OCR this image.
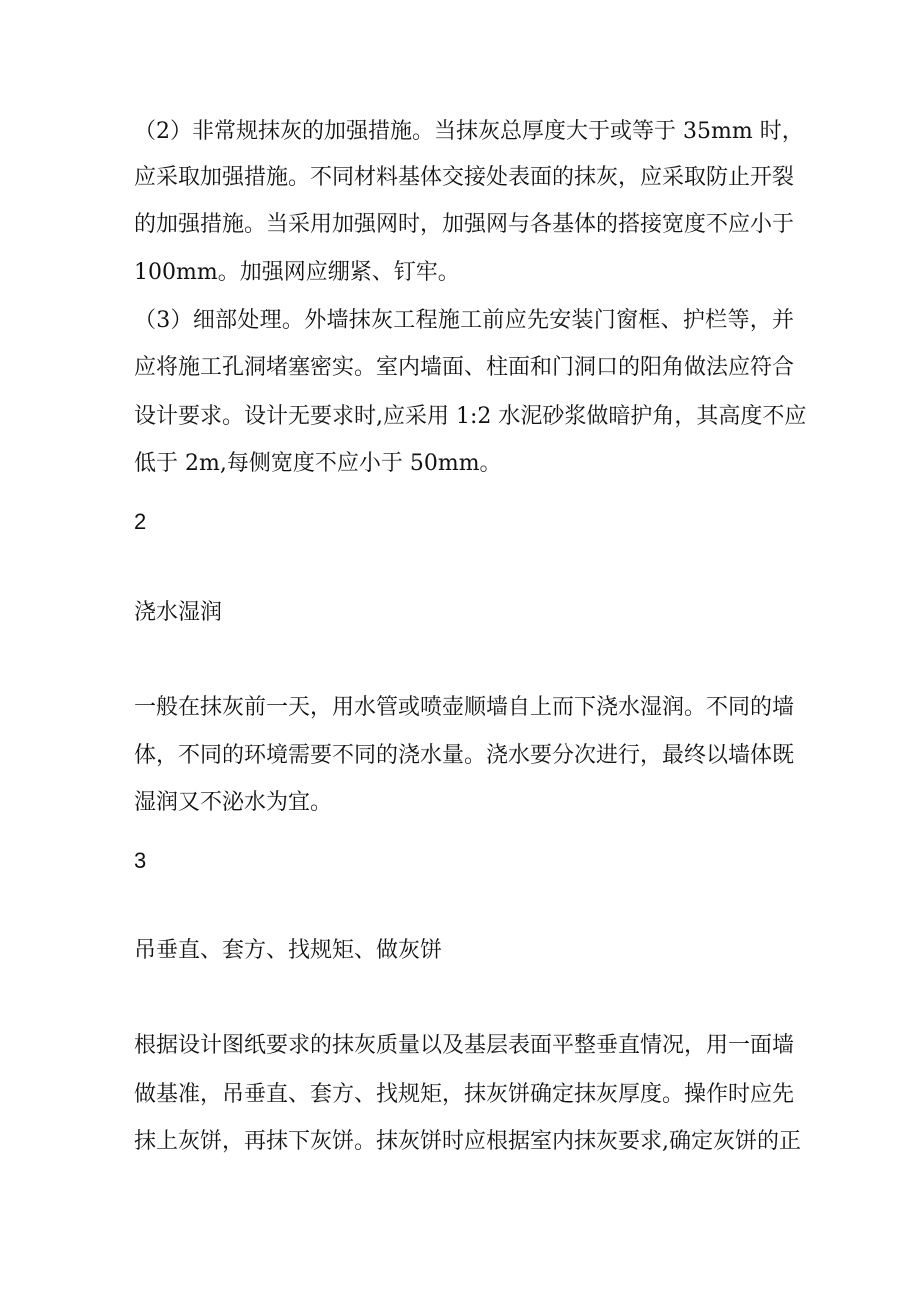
（2）非常规抹灰的加强措施。当抹灰总厚度大于或等于 35mm 时，
应采取加强措施。不同材料基体交接处表面的抹灰，应采取防止开裂
的加强措施。当采用加强网时，加强网与各基体的搭接宽度不应小于
100mm。加强网应绷紧、钉牢。
（3）细部处理。外墙抹灰工程施工前应先安装门窗框、护栏等，并
应将施工孔洞堵塞密实。室内墙面、柱面和门洞口的阳角做法应符合
设计要求。设计无要求时,应采用 1:2 水泥砂浆做暗护角，其高度不应
低于 2m,每侧宽度不应小于 50mm。
2
浇水湿润
一般在抹灰前一天，用水管或喷壶顺墙自上而下浇水湿润。不同的墙
体，不同的环境需要不同的浇水量。浇水要分次进行，最终以墙体既
湿润又不泌水为宜。
3
吊垂直、套方、找规矩、做灰饼
根据设计图纸要求的抹灰质量以及基层表面平整垂直情况，用一面墙
做基准，吊垂直、套方、找规矩，抹灰饼确定抹灰厚度。操作时应先
抹上灰饼，再抹下灰饼。抹灰饼时应根据室内抹灰要求,确定灰饼的正
